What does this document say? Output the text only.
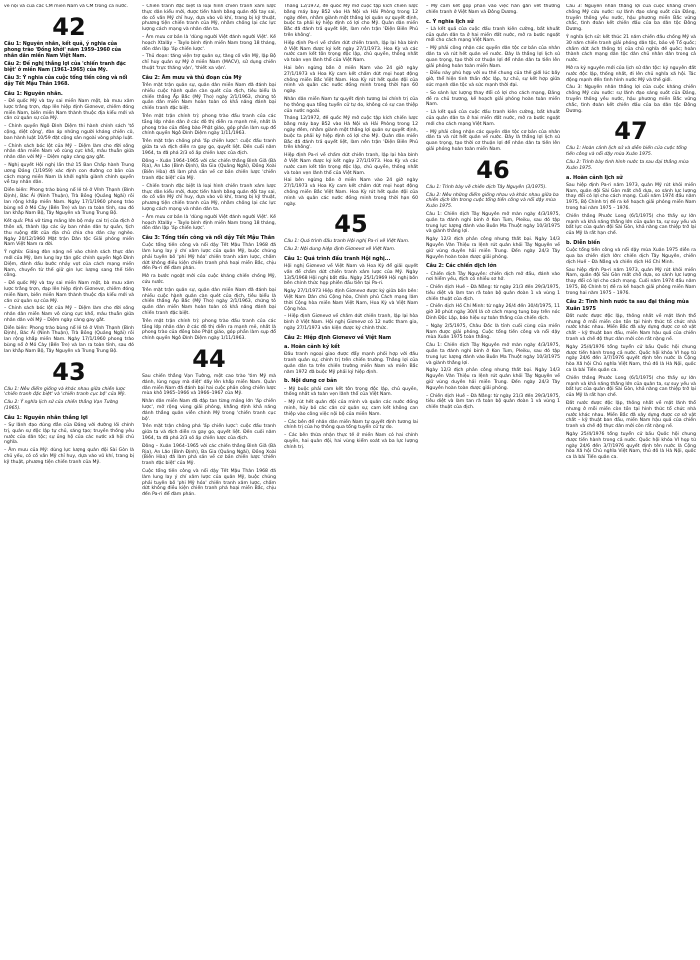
về nội và của các CM miền Nam và CM trong cả nước.

42
Câu 1: Nguyên nhân, kết quả, ý nghĩa của phong trào 'Đồng khởi' năm 1959–1960 của nhân dân miền Nam Việt Nam.
Câu 2: Đề nghị thắng lợi của 'chiến tranh đặc biệt' ở miền Nam (1961–1965) của Mỹ.
Câu 3: Ý nghĩa của cuộc tổng tiến công và nổi dậy Tết Mậu Thân 1968.
Câu 1: Nguyên nhân.

– Đế quốc Mỹ và tay sai miền Nam một, bà mưu xâm lược trắng trợn, đạp lên hiệp định Giơnevơ, chiếm đóng miền Nam, biến miền Nam thành thuộc địa kiểu mới và căn cứ quân sự của Mỹ.

– Chính quyền Ngô Đình Diệm thi hành chính sách 'tố cộng, diệt cộng', đàn áp những người kháng chiến cũ, ban hành luật 10/59 đặt cộng sản ngoài vòng pháp luật.

– Chính sách bóc lột của Mỹ – Diệm làm cho đời sống nhân dân miền Nam vô cùng cực khổ, mâu thuẫn giữa nhân dân với Mỹ – Diệm ngày càng gay gắt.

– Nghị quyết Hội nghị lần thứ 15 Ban Chấp hành Trung ương Đảng (1/1959) xác định con đường cơ bản của cách mạng miền Nam là khởi nghĩa giành chính quyền về tay nhân dân.

Diễn biến: Phong trào bùng nổ lẻ tẻ ở Vĩnh Thạnh (Bình Định), Bác Ái (Ninh Thuận), Trà Bồng (Quảng Ngãi) rồi lan rộng khắp miền Nam. Ngày 17/1/1960 phong trào bùng nổ ở Mỏ Cày (Bến Tre) và lan ra toàn tỉnh, sau đó lan khắp Nam Bộ, Tây Nguyên và Trung Trung Bộ.

Kết quả: Phá vỡ từng mảng lớn bộ máy cai trị của địch ở thôn xã, thành lập các ủy ban nhân dân tự quản, tịch thu ruộng đất của địa chủ chia cho dân cày nghèo. Ngày 20/12/1960 Mặt trận Dân tộc Giải phóng miền Nam Việt Nam ra đời.

Ý nghĩa: Giáng đòn nặng nề vào chính sách thực dân mới của Mỹ, làm lung lay tận gốc chính quyền Ngô Đình Diệm, đánh dấu bước nhảy vọt của cách mạng miền Nam, chuyển từ thế giữ gìn lực lượng sang thế tiến công.

– Đế quốc Mỹ và tay sai miền Nam một, bà mưu xâm lược trắng trợn, đạp lên hiệp định Giơnevơ, chiếm đóng miền Nam, biến miền Nam thành thuộc địa kiểu mới và căn cứ quân sự của Mỹ.

– Chính sách bóc lột của Mỹ – Diệm làm cho đời sống nhân dân miền Nam vô cùng cực khổ, mâu thuẫn giữa nhân dân với Mỹ – Diệm ngày càng gay gắt.

Diễn biến: Phong trào bùng nổ lẻ tẻ ở Vĩnh Thạnh (Bình Định), Bác Ái (Ninh Thuận), Trà Bồng (Quảng Ngãi) rồi lan rộng khắp miền Nam. Ngày 17/1/1960 phong trào bùng nổ ở Mỏ Cày (Bến Tre) và lan ra toàn tỉnh, sau đó lan khắp Nam Bộ, Tây Nguyên và Trung Trung Bộ.

43
Câu 1: Nêu điểm giống và khác nhau giữa chiến lược 'chiến tranh đặc biệt' và 'chiến tranh cục bộ' của Mỹ.
Câu 2: Ý nghĩa lịch sử của chiến thắng Vạn Tường (1965).
Câu 1: Nguyên nhân thắng lợi

– Sự lãnh đạo đúng đắn của Đảng với đường lối chính trị, quân sự độc lập tự chủ, sáng tạo; truyền thống yêu nước của dân tộc; sự ủng hộ của các nước xã hội chủ nghĩa.

– Âm mưu của Mỹ: dùng lực lượng quân đội Sài Gòn là chủ yếu, có cố vấn Mỹ chỉ huy, dựa vào vũ khí, trang bị kỹ thuật, phương tiện chiến tranh của Mỹ.

– Chiến tranh đặc biệt là loại hình chiến tranh xâm lược thực dân kiểu mới, được tiến hành bằng quân đội tay sai, do cố vấn Mỹ chỉ huy, dựa vào vũ khí, trang bị kỹ thuật, phương tiện chiến tranh của Mỹ, nhằm chống lại các lực lượng cách mạng và nhân dân ta.

– Âm mưu cơ bản là 'dùng người Việt đánh người Việt'. Kế hoạch Xtalây – Taylo bình định miền Nam trong 18 tháng, dồn dân lập 'ấp chiến lược'.

– Thủ đoạn: tăng viện trợ quân sự, tăng cố vấn Mỹ, lập Bộ chỉ huy quân sự Mỹ ở miền Nam (MACV), sử dụng chiến thuật 'trực thăng vận', 'thiết xa vận'.

Câu 2: Âm mưu và thủ đoạn của Mỹ

Trên mặt trận quân sự, quân dân miền Nam đã đánh bại nhiều cuộc hành quân càn quét của địch, tiêu biểu là chiến thắng Ấp Bắc (Mỹ Tho) ngày 2/1/1963, chứng tỏ quân dân miền Nam hoàn toàn có khả năng đánh bại chiến tranh đặc biệt.

Trên mặt trận chính trị: phong trào đấu tranh của các tầng lớp nhân dân ở các đô thị diễn ra mạnh mẽ, nhất là phong trào của đồng bào Phật giáo, góp phần làm sụp đổ chính quyền Ngô Đình Diệm ngày 1/11/1963.

Trên mặt trận chống phá 'ấp chiến lược': cuộc đấu tranh giữa ta và địch diễn ra gay go, quyết liệt. Đến cuối năm 1964, ta đã phá 2/3 số ấp chiến lược của địch.

Đông – Xuân 1964–1965 với các chiến thắng Bình Giã (Bà Rịa), An Lão (Bình Định), Ba Gia (Quảng Ngãi), Đồng Xoài (Biên Hòa) đã làm phá sản về cơ bản chiến lược 'chiến tranh đặc biệt' của Mỹ.

– Chiến tranh đặc biệt là loại hình chiến tranh xâm lược thực dân kiểu mới, được tiến hành bằng quân đội tay sai, do cố vấn Mỹ chỉ huy, dựa vào vũ khí, trang bị kỹ thuật, phương tiện chiến tranh của Mỹ, nhằm chống lại các lực lượng cách mạng và nhân dân ta.

– Âm mưu cơ bản là 'dùng người Việt đánh người Việt'. Kế hoạch Xtalây – Taylo bình định miền Nam trong 18 tháng, dồn dân lập 'ấp chiến lược'.

Câu 3: Tổng tiến công và nổi dậy Tết Mậu Thân

Cuộc tổng tiến công và nổi dậy Tết Mậu Thân 1968 đã làm lung lay ý chí xâm lược của quân Mỹ, buộc chúng phải tuyên bố 'phi Mỹ hóa' chiến tranh xâm lược, chấm dứt không điều kiện chiến tranh phá hoại miền Bắc, chịu đến Pa-ri để đàm phán.

Mở ra bước ngoặt mới của cuộc kháng chiến chống Mỹ, cứu nước.

Trên mặt trận quân sự, quân dân miền Nam đã đánh bại nhiều cuộc hành quân càn quét của địch, tiêu biểu là chiến thắng Ấp Bắc (Mỹ Tho) ngày 2/1/1963, chứng tỏ quân dân miền Nam hoàn toàn có khả năng đánh bại chiến tranh đặc biệt.

Trên mặt trận chính trị: phong trào đấu tranh của các tầng lớp nhân dân ở các đô thị diễn ra mạnh mẽ, nhất là phong trào của đồng bào Phật giáo, góp phần làm sụp đổ chính quyền Ngô Đình Diệm ngày 1/11/1963.

44

Sau chiến thắng Vạn Tường, một cao trào 'tìm Mỹ mà đánh, lùng ngụy mà diệt' dấy lên khắp miền Nam. Quân dân miền Nam đã đánh bại hai cuộc phản công chiến lược mùa khô 1965–1966 và 1966–1967 của Mỹ.

Nhân dân miền Nam đã đập tan từng mảng lớn 'ấp chiến lược', mở rộng vùng giải phóng, khẳng định khả năng đánh thắng quân viễn chinh Mỹ trong 'chiến tranh cục bộ'.

Trên mặt trận chống phá 'ấp chiến lược': cuộc đấu tranh giữa ta và địch diễn ra gay go, quyết liệt. Đến cuối năm 1964, ta đã phá 2/3 số ấp chiến lược của địch.

Đông – Xuân 1964–1965 với các chiến thắng Bình Giã (Bà Rịa), An Lão (Bình Định), Ba Gia (Quảng Ngãi), Đồng Xoài (Biên Hòa) đã làm phá sản về cơ bản chiến lược 'chiến tranh đặc biệt' của Mỹ.

Cuộc tổng tiến công và nổi dậy Tết Mậu Thân 1968 đã làm lung lay ý chí xâm lược của quân Mỹ, buộc chúng phải tuyên bố 'phi Mỹ hóa' chiến tranh xâm lược, chấm dứt không điều kiện chiến tranh phá hoại miền Bắc, chịu đến Pa-ri để đàm phán.

Tháng 12/1972, đế quốc Mỹ mở cuộc tập kích chiến lược bằng máy bay B52 vào Hà Nội và Hải Phòng trong 12 ngày đêm, nhằm giành một thắng lợi quân sự quyết định, buộc ta phải ký hiệp định có lợi cho Mỹ. Quân dân miền Bắc đã đánh trả quyết liệt, làm nên trận 'Điện Biên Phủ trên không'.

Hiệp định Pa-ri về chấm dứt chiến tranh, lập lại hòa bình ở Việt Nam được ký kết ngày 27/1/1973. Hoa Kỳ và các nước cam kết tôn trọng độc lập, chủ quyền, thống nhất và toàn vẹn lãnh thổ của Việt Nam.

Hai bên ngừng bắn ở miền Nam vào 24 giờ ngày 27/1/1973 và Hoa Kỳ cam kết chấm dứt mọi hoạt động chống miền Bắc Việt Nam. Hoa Kỳ rút hết quân đội của mình và quân các nước đồng minh trong thời hạn 60 ngày.

Nhân dân miền Nam tự quyết định tương lai chính trị của họ thông qua tổng tuyển cử tự do, không có sự can thiệp của nước ngoài.

Tháng 12/1972, đế quốc Mỹ mở cuộc tập kích chiến lược bằng máy bay B52 vào Hà Nội và Hải Phòng trong 12 ngày đêm, nhằm giành một thắng lợi quân sự quyết định, buộc ta phải ký hiệp định có lợi cho Mỹ. Quân dân miền Bắc đã đánh trả quyết liệt, làm nên trận 'Điện Biên Phủ trên không'.

Hiệp định Pa-ri về chấm dứt chiến tranh, lập lại hòa bình ở Việt Nam được ký kết ngày 27/1/1973. Hoa Kỳ và các nước cam kết tôn trọng độc lập, chủ quyền, thống nhất và toàn vẹn lãnh thổ của Việt Nam.

Hai bên ngừng bắn ở miền Nam vào 24 giờ ngày 27/1/1973 và Hoa Kỳ cam kết chấm dứt mọi hoạt động chống miền Bắc Việt Nam. Hoa Kỳ rút hết quân đội của mình và quân các nước đồng minh trong thời hạn 60 ngày.

45
Câu 1: Quá trình đấu tranh Hội nghị Pa-ri về Việt Nam.
Câu 2: Nội dung hiệp định Giơnevơ về Việt Nam.
Câu 1: Quá trình đấu tranh Hội nghị...

Hội nghị Giơnevơ về Việt Nam và Hoa Kỳ để giải quyết vấn đề chấm dứt chiến tranh xâm lược của Mỹ. Ngày 13/5/1968 Hội nghị bắt đầu. Ngày 25/1/1969 Hội nghị bốn bên chính thức họp phiên đầu tiên tại Pa-ri.

Ngày 27/1/1973 Hiệp định Giơnevơ được ký giữa bốn bên: Việt Nam Dân chủ Cộng hòa, Chính phủ Cách mạng lâm thời Cộng hòa miền Nam Việt Nam, Hoa Kỳ và Việt Nam Cộng hòa.

– Hiệp định Giơnevơ về chấm dứt chiến tranh, lập lại hòa bình ở Việt Nam. Hội nghị Giơnevơ có 12 nước tham gia, ngày 27/1/1973 văn kiện được ký chính thức.

Câu 2: Hiệp định Giơnevơ về Việt Nam
a. Hoàn cảnh ký kết

Đấu tranh ngoại giao được đẩy mạnh phối hợp với đấu tranh quân sự, chính trị trên chiến trường. Thắng lợi của quân dân ta trên chiến trường miền Nam và miền Bắc năm 1972 đã buộc Mỹ phải ký hiệp định.

b. Nội dung cơ bản

– Mỹ buộc phải cam kết tôn trọng độc lập, chủ quyền, thống nhất và toàn vẹn lãnh thổ của Việt Nam.

– Mỹ rút hết quân đội của mình và quân các nước đồng minh, hủy bỏ các căn cứ quân sự, cam kết không can thiệp vào công việc nội bộ của miền Nam.

– Các bên để nhân dân miền Nam tự quyết định tương lai chính trị của họ thông qua tổng tuyển cử tự do.

– Các bên thừa nhận thực tế ở miền Nam có hai chính quyền, hai quân đội, hai vùng kiểm soát và ba lực lượng chính trị.

– Mỹ cam kết góp phần vào việc hàn gắn vết thương chiến tranh ở Việt Nam và Đông Dương.

c. Ý nghĩa lịch sử

– Là kết quả của cuộc đấu tranh kiên cường, bất khuất của quân dân ta ở hai miền đất nước, mở ra bước ngoặt mới cho cách mạng Việt Nam.

– Mỹ phải công nhận các quyền dân tộc cơ bản của nhân dân ta và rút hết quân về nước. Đây là thắng lợi lịch sử quan trọng, tạo thời cơ thuận lợi để nhân dân ta tiến lên giải phóng hoàn toàn miền Nam.

– Điều này phù hợp với xu thế chung của thế giới lúc bấy giờ, thể hiện tinh thần độc lập, tự chủ, sự kết hợp giữa sức mạnh dân tộc và sức mạnh thời đại.

– So sánh lực lượng thay đổi có lợi cho cách mạng, Đảng đề ra chủ trương, kế hoạch giải phóng hoàn toàn miền Nam.

– Là kết quả của cuộc đấu tranh kiên cường, bất khuất của quân dân ta ở hai miền đất nước, mở ra bước ngoặt mới cho cách mạng Việt Nam.

– Mỹ phải công nhận các quyền dân tộc cơ bản của nhân dân ta và rút hết quân về nước. Đây là thắng lợi lịch sử quan trọng, tạo thời cơ thuận lợi để nhân dân ta tiến lên giải phóng hoàn toàn miền Nam.

46
Câu 1: Trình bày về chiến dịch Tây Nguyên (3/1975).
Câu 2: Nêu những điểm giống nhau và khác nhau giữa ba chiến dịch lớn trong cuộc tổng tiến công và nổi dậy mùa Xuân 1975.

Câu 1: Chiến dịch Tây Nguyên mở màn ngày 4/3/1975, quân ta đánh nghi binh ở Kon Tum, Pleiku, sau đó tập trung lực lượng đánh vào Buôn Ma Thuột ngày 10/3/1975 và giành thắng lợi.

Ngày 12/3 địch phản công nhưng thất bại. Ngày 14/3 Nguyễn Văn Thiệu ra lệnh rút quân khỏi Tây Nguyên về giữ vùng duyên hải miền Trung. Đến ngày 24/3 Tây Nguyên hoàn toàn được giải phóng.

Câu 2: Các chiến dịch lớn

– Chiến dịch Tây Nguyên: chiến dịch mở đầu, đánh vào nơi hiểm yếu, địch có nhiều sơ hở.

– Chiến dịch Huế – Đà Nẵng: từ ngày 21/3 đến 29/3/1975, tiêu diệt và làm tan rã toàn bộ quân đoàn 1 và vùng 1 chiến thuật của địch.

– Chiến dịch Hồ Chí Minh: từ ngày 26/4 đến 30/4/1975, 11 giờ 30 phút ngày 30/4 lá cờ cách mạng tung bay trên nóc Dinh Độc Lập, báo hiệu sự toàn thắng của chiến dịch.

– Ngày 2/5/1975, Châu Đốc là tỉnh cuối cùng của miền Nam được giải phóng. Cuộc tổng tiến công và nổi dậy mùa Xuân 1975 toàn thắng.

Câu 1: Chiến dịch Tây Nguyên mở màn ngày 4/3/1975, quân ta đánh nghi binh ở Kon Tum, Pleiku, sau đó tập trung lực lượng đánh vào Buôn Ma Thuột ngày 10/3/1975 và giành thắng lợi.

Ngày 12/3 địch phản công nhưng thất bại. Ngày 14/3 Nguyễn Văn Thiệu ra lệnh rút quân khỏi Tây Nguyên về giữ vùng duyên hải miền Trung. Đến ngày 24/3 Tây Nguyên hoàn toàn được giải phóng.

– Chiến dịch Huế – Đà Nẵng: từ ngày 21/3 đến 29/3/1975, tiêu diệt và làm tan rã toàn bộ quân đoàn 1 và vùng 1 chiến thuật của địch.

Câu 3: Nguyên nhân thắng lợi của cuộc kháng chiến chống Mỹ cứu nước: sự lãnh đạo sáng suốt của Đảng, truyền thống yêu nước, hậu phương miền Bắc vững chắc, tình đoàn kết chiến đấu của ba dân tộc Đông Dương.

Ý nghĩa lịch sử: kết thúc 21 năm chiến đấu chống Mỹ và 30 năm chiến tranh giải phóng dân tộc, bảo vệ Tổ quốc; chấm dứt ách thống trị của chủ nghĩa đế quốc; hoàn thành cách mạng dân tộc dân chủ nhân dân trong cả nước.

Mở ra kỷ nguyên mới của lịch sử dân tộc: kỷ nguyên đất nước độc lập, thống nhất, đi lên chủ nghĩa xã hội. Tác động mạnh đến tình hình nước Mỹ và thế giới.

Câu 3: Nguyên nhân thắng lợi của cuộc kháng chiến chống Mỹ cứu nước: sự lãnh đạo sáng suốt của Đảng, truyền thống yêu nước, hậu phương miền Bắc vững chắc, tình đoàn kết chiến đấu của ba dân tộc Đông Dương.

47
Câu 1: Hoàn cảnh lịch sử và diễn biến của cuộc tổng tiến công và nổi dậy mùa Xuân 1975.
Câu 2: Trình bày tình hình nước ta sau đại thắng mùa Xuân 1975.
a. Hoàn cảnh lịch sử

Sau hiệp định Pa-ri năm 1973, quân Mỹ rút khỏi miền Nam, quân đội Sài Gòn mất chỗ dựa, so sánh lực lượng thay đổi có lợi cho cách mạng. Cuối năm 1974 đầu năm 1975, Bộ Chính trị đề ra kế hoạch giải phóng miền Nam trong hai năm 1975 – 1976.

Chiến thắng Phước Long (6/1/1975) cho thấy sự lớn mạnh và khả năng thắng lớn của quân ta, sự suy yếu và bất lực của quân đội Sài Gòn, khả năng can thiệp trở lại của Mỹ là rất hạn chế.

b. Diễn biến

Cuộc tổng tiến công và nổi dậy mùa Xuân 1975 diễn ra qua ba chiến dịch lớn: chiến dịch Tây Nguyên, chiến dịch Huế – Đà Nẵng và chiến dịch Hồ Chí Minh.

Sau hiệp định Pa-ri năm 1973, quân Mỹ rút khỏi miền Nam, quân đội Sài Gòn mất chỗ dựa, so sánh lực lượng thay đổi có lợi cho cách mạng. Cuối năm 1974 đầu năm 1975, Bộ Chính trị đề ra kế hoạch giải phóng miền Nam trong hai năm 1975 – 1976.

Câu 2: Tình hình nước ta sau đại thắng mùa Xuân 1975

Đất nước được độc lập, thống nhất về mặt lãnh thổ nhưng ở mỗi miền còn tồn tại hình thức tổ chức nhà nước khác nhau. Miền Bắc đã xây dựng được cơ sở vật chất – kỹ thuật ban đầu, miền Nam hậu quả của chiến tranh và chế độ thực dân mới còn rất nặng nề.

Ngày 25/4/1976 tổng tuyển cử bầu Quốc hội chung được tiến hành trong cả nước. Quốc hội khóa VI họp từ ngày 24/6 đến 3/7/1976 quyết định tên nước là Cộng hòa Xã hội Chủ nghĩa Việt Nam, thủ đô là Hà Nội, quốc ca là bài Tiến quân ca.

Chiến thắng Phước Long (6/1/1975) cho thấy sự lớn mạnh và khả năng thắng lớn của quân ta, sự suy yếu và bất lực của quân đội Sài Gòn, khả năng can thiệp trở lại của Mỹ là rất hạn chế.

Đất nước được độc lập, thống nhất về mặt lãnh thổ nhưng ở mỗi miền còn tồn tại hình thức tổ chức nhà nước khác nhau. Miền Bắc đã xây dựng được cơ sở vật chất – kỹ thuật ban đầu, miền Nam hậu quả của chiến tranh và chế độ thực dân mới còn rất nặng nề.

Ngày 25/4/1976 tổng tuyển cử bầu Quốc hội chung được tiến hành trong cả nước. Quốc hội khóa VI họp từ ngày 24/6 đến 3/7/1976 quyết định tên nước là Cộng hòa Xã hội Chủ nghĩa Việt Nam, thủ đô là Hà Nội, quốc ca là bài Tiến quân ca.
